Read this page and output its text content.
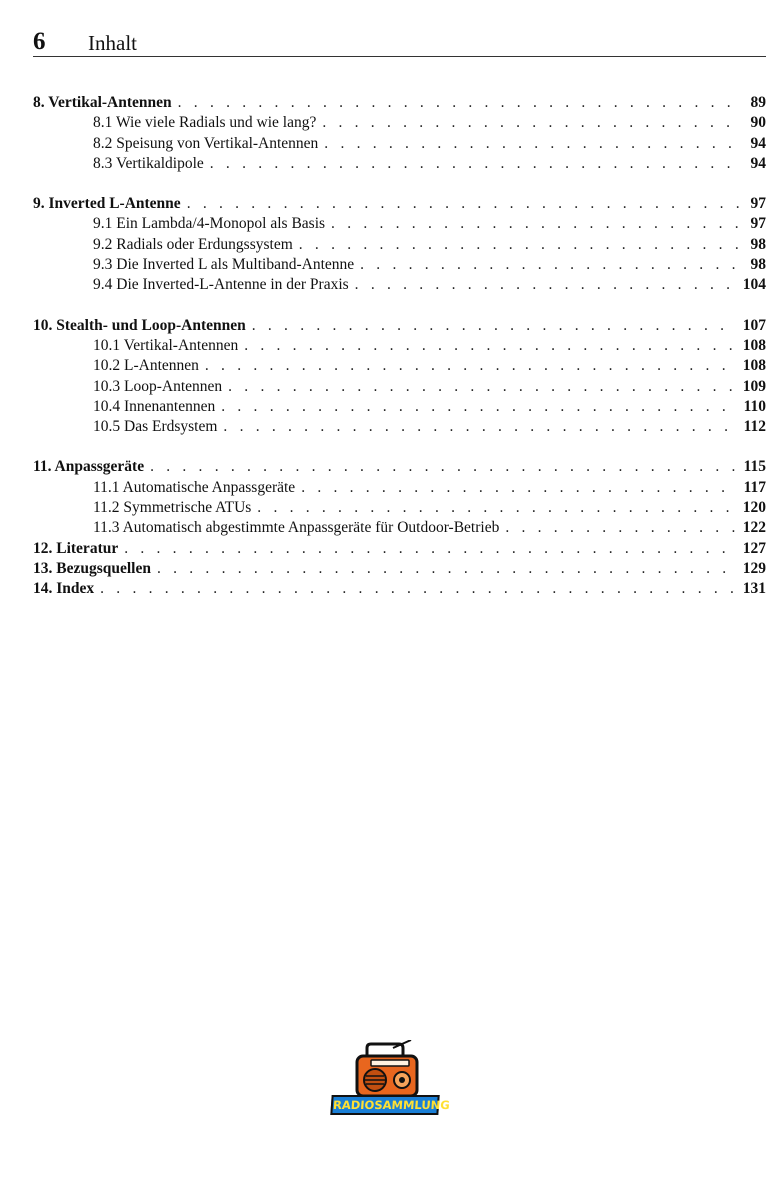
6 Inhalt
8. Vertikal-Antennen . . .	89
8.1 Wie viele Radials und wie lang? . . .	90
8.2 Speisung von Vertikal-Antennen . . .	94
8.3 Vertikaldipole . . .	94
9. Inverted L-Antenne . . .	97
9.1 Ein Lambda/4-Monopol als Basis . . .	97
9.2 Radials oder Erdungssystem . . .	98
9.3 Die Inverted L als Multiband-Antenne . . .	98
9.4 Die Inverted-L-Antenne in der Praxis . . .	104
10. Stealth- und Loop-Antennen . . .	107
10.1 Vertikal-Antennen . . .	108
10.2 L-Antennen . . .	108
10.3 Loop-Antennen . . .	109
10.4 Innenantennen . . .	110
10.5 Das Erdsystem . . .	112
11. Anpassgeräte . . .	115
11.1 Automatische Anpassgeräte . . .	117
11.2 Symmetrische ATUs . . .	120
11.3 Automatisch abgestimmte Anpassgeräte für Outdoor-Betrieb . . .	122
12. Literatur . . .	127
13. Bezugsquellen . . .	129
14. Index . . .	131
RADIOSAMMLUNG
